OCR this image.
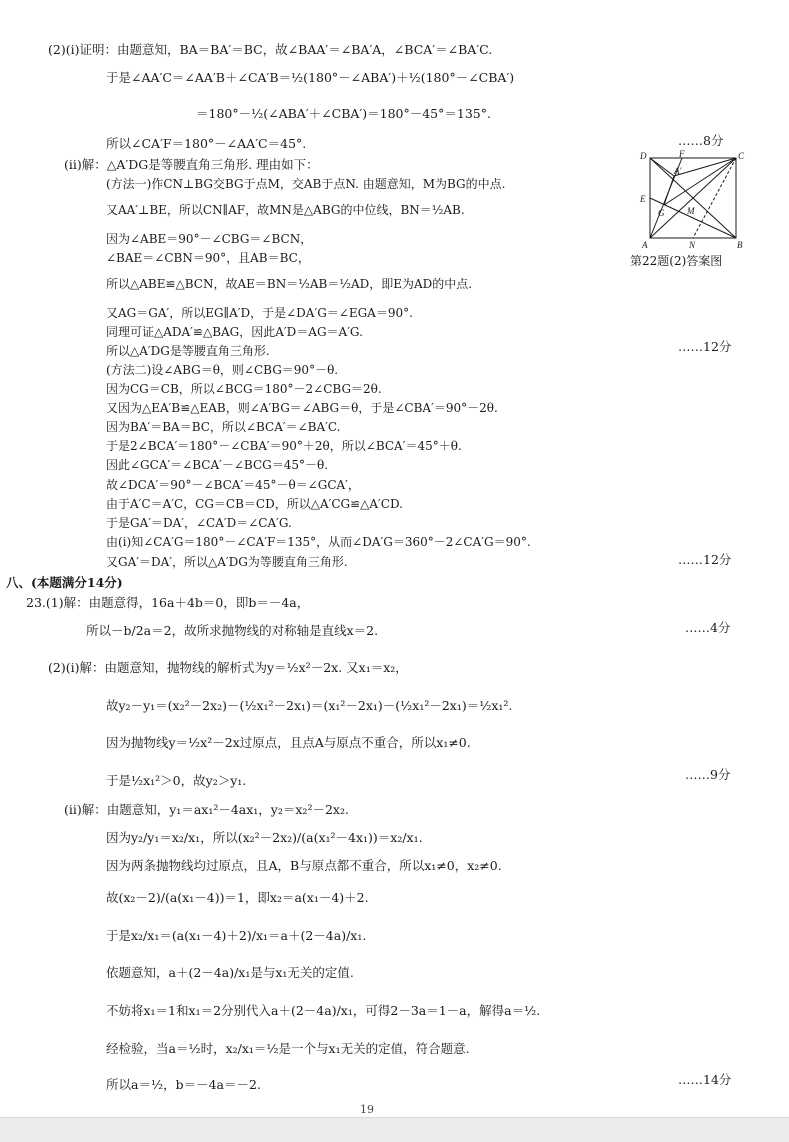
(2)(ⅰ)证明：由题意知，BA＝BA′＝BC，故∠BAA′＝∠BA′A，∠BCA′＝∠BA′C.
于是∠AA′C＝∠AA′B＋∠CA′B＝½(180°－∠ABA′)＋½(180°－∠CBA′)
＝180°－½(∠ABA′＋∠CBA′)＝180°－45°＝135°.
所以∠CA′F＝180°－∠AA′C＝45°.	……8分
(ⅱ)解：△A′DG是等腰直角三角形. 理由如下：
(方法一)作CN⊥BG交BG于点M，交AB于点N. 由题意知，M为BG的中点.
又AA′⊥BE，所以CN∥AF，故MN是△ABG的中位线，BN＝½AB.
因为∠ABE＝90°－∠CBG＝∠BCN，
∠BAE＝∠CBN＝90°，且AB＝BC，
所以△ABE≌△BCN，故AE＝BN＝½AB＝½AD，即E为AD的中点.
又AG＝GA′，所以EG∥A′D，于是∠DA′G＝∠EGA＝90°.
同理可证△ADA′≌△BAG，因此A′D＝AG＝A′G.
所以△A′DG是等腰直角三角形.	……12分
(方法二)设∠ABG＝θ，则∠CBG＝90°－θ.
因为CG＝CB，所以∠BCG＝180°－2∠CBG＝2θ.
又因为△EA′B≌△EAB，则∠A′BG＝∠ABG＝θ，于是∠CBA′＝90°－2θ.
因为BA′＝BA＝BC，所以∠BCA′＝∠BA′C.
于是2∠BCA′＝180°－∠CBA′＝90°＋2θ，所以∠BCA′＝45°＋θ.
因此∠GCA′＝∠BCA′－∠BCG＝45°－θ.
故∠DCA′＝90°－∠BCA′＝45°－θ＝∠GCA′，
由于A′C＝A′C，CG＝CB＝CD，所以△A′CG≌△A′CD.
于是GA′＝DA′，∠CA′D＝∠CA′G.
由(ⅰ)知∠CA′G＝180°－∠CA′F＝135°，从而∠DA′G＝360°－2∠CA′G＝90°.
又GA′＝DA′，所以△A′DG为等腰直角三角形.	……12分
八、(本题满分14分)
23.(1)解：由题意得，16a＋4b＝0，即b＝－4a，
所以－b/2a＝2，故所求抛物线的对称轴是直线x＝2.	……4分
(2)(ⅰ)解：由题意知，抛物线的解析式为y＝½x²－2x. 又x₁＝x₂，
故y₂－y₁＝(x₂²－2x₂)－(½x₁²－2x₁)＝(x₁²－2x₁)－(½x₁²－2x₁)＝½x₁².
因为抛物线y＝½x²－2x过原点，且点A与原点不重合，所以x₁≠0.
于是½x₁²＞0，故y₂＞y₁.	……9分
(ⅱ)解：由题意知，y₁＝ax₁²－4ax₁，y₂＝x₂²－2x₂.
因为y₂/y₁＝x₂/x₁，所以(x₂²－2x₂)/(a(x₁²－4x₁))＝x₂/x₁.
因为两条抛物线均过原点，且A，B与原点都不重合，所以x₁≠0，x₂≠0.
故(x₂－2)/(a(x₁－4))＝1，即x₂＝a(x₁－4)＋2.
于是x₂/x₁＝(a(x₁－4)＋2)/x₁＝a＋(2－4a)/x₁.
依题意知，a＋(2－4a)/x₁是与x₁无关的定值.
不妨将x₁＝1和x₁＝2分别代入a＋(2－4a)/x₁，可得2－3a＝1－a，解得a＝½.
经检验，当a＝½时，x₂/x₁＝½是一个与x₁无关的定值，符合题意.
所以a＝½，b＝－4a＝－2.	……14分
D	F	C
A′
E
G	M
A	N	B
第22题(2)答案图
19
